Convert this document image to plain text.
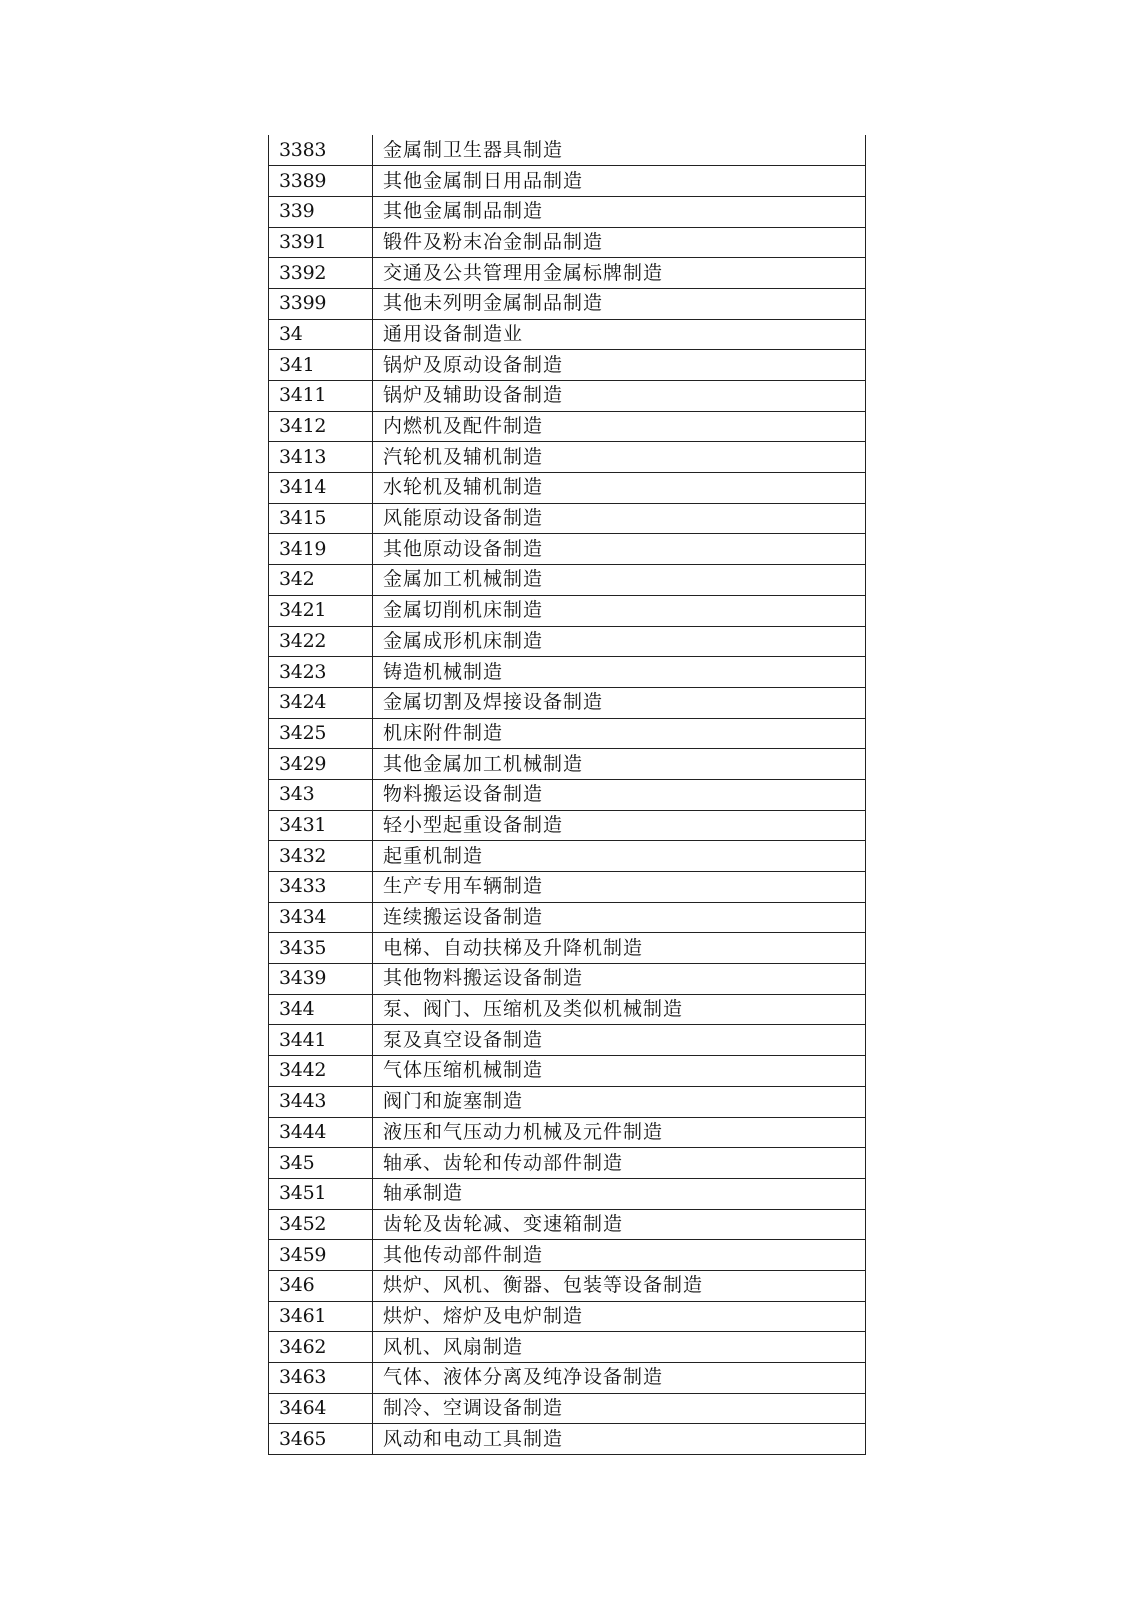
3383	金属制卫生器具制造
3389	其他金属制日用品制造
339	其他金属制品制造
3391	锻件及粉末冶金制品制造
3392	交通及公共管理用金属标牌制造
3399	其他未列明金属制品制造
34	通用设备制造业
341	锅炉及原动设备制造
3411	锅炉及辅助设备制造
3412	内燃机及配件制造
3413	汽轮机及辅机制造
3414	水轮机及辅机制造
3415	风能原动设备制造
3419	其他原动设备制造
342	金属加工机械制造
3421	金属切削机床制造
3422	金属成形机床制造
3423	铸造机械制造
3424	金属切割及焊接设备制造
3425	机床附件制造
3429	其他金属加工机械制造
343	物料搬运设备制造
3431	轻小型起重设备制造
3432	起重机制造
3433	生产专用车辆制造
3434	连续搬运设备制造
3435	电梯、自动扶梯及升降机制造
3439	其他物料搬运设备制造
344	泵、阀门、压缩机及类似机械制造
3441	泵及真空设备制造
3442	气体压缩机械制造
3443	阀门和旋塞制造
3444	液压和气压动力机械及元件制造
345	轴承、齿轮和传动部件制造
3451	轴承制造
3452	齿轮及齿轮减、变速箱制造
3459	其他传动部件制造
346	烘炉、风机、衡器、包装等设备制造
3461	烘炉、熔炉及电炉制造
3462	风机、风扇制造
3463	气体、液体分离及纯净设备制造
3464	制冷、空调设备制造
3465	风动和电动工具制造
